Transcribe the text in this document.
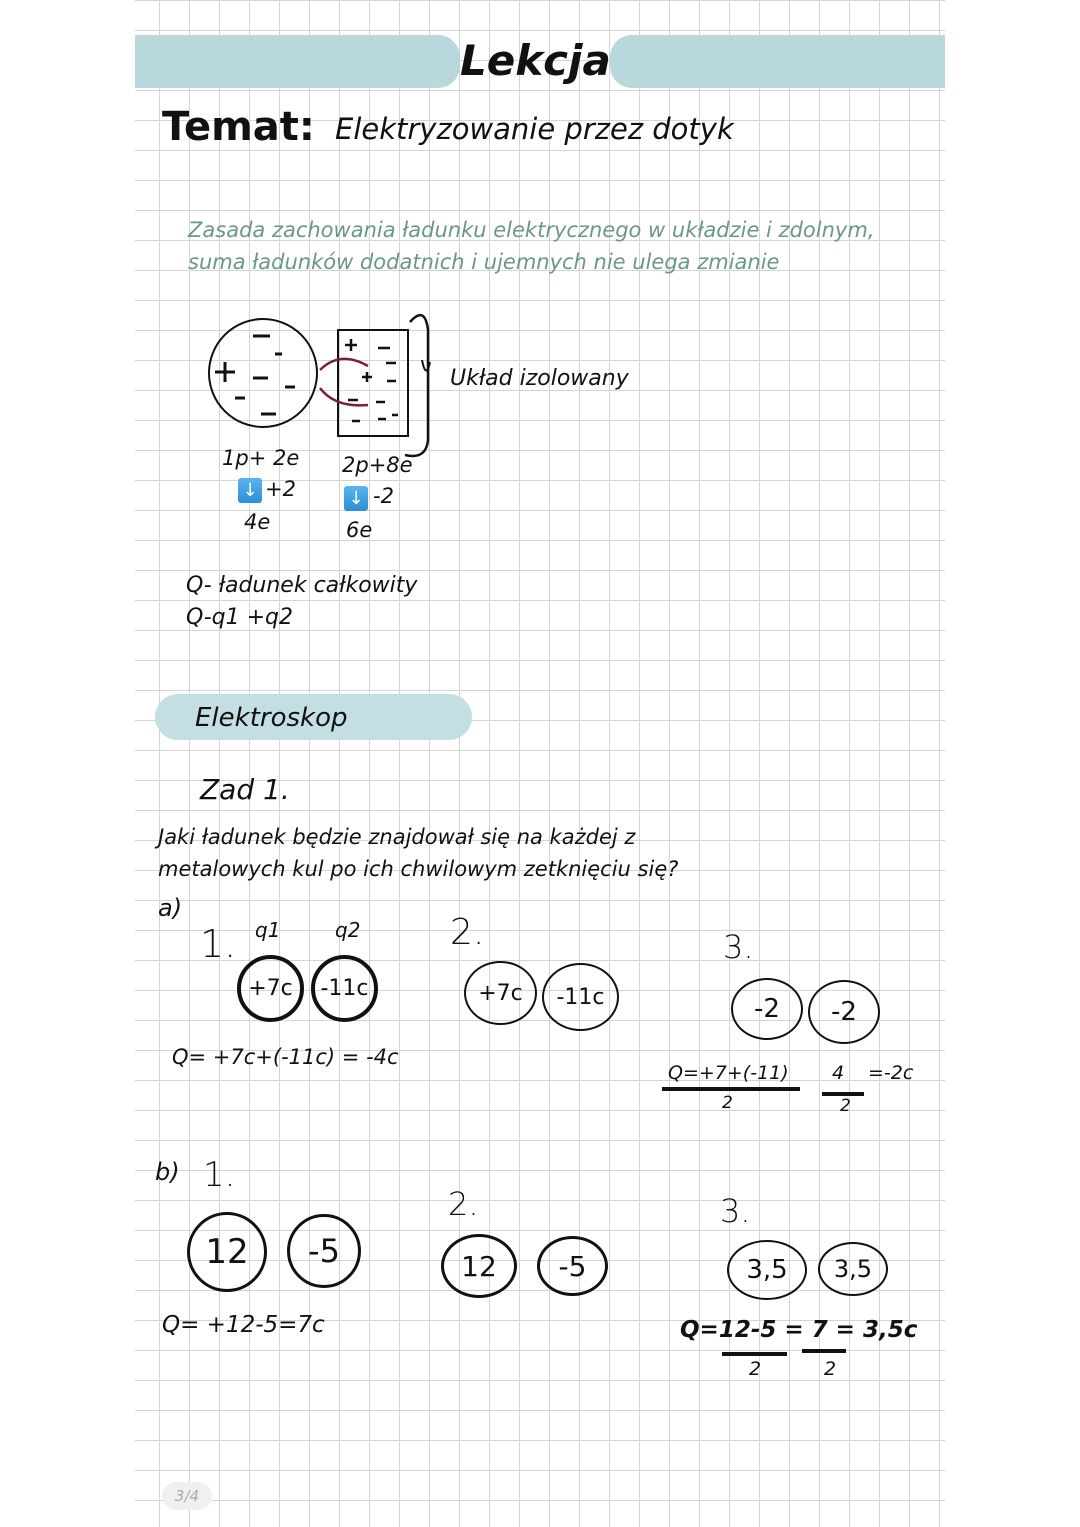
Lekcja
Temat: Elektryzowanie przez dotyk
Zasada zachowania ładunku elektrycznego w układzie i zdolnym,
suma ładunków dodatnich i ujemnych nie ulega zmianie
Układ izolowany
1p+ 2e
↓ +2
4e
2p+8e
↓ -2
6e
Q- ładunek całkowity
Q-q1 +q2
Elektroskop
Zad 1.
Jaki ładunek będzie znajdował się na każdej z
metalowych kul po ich chwilowym zetknięciu się?
a)
1. q1	q2
+7c	-11c
Q= +7c+(-11c) = -4c
2.
+7c	-11c
3.
-2	-2
Q=+7+(-11)
2
4
2
=-2c
b) 1.
12	-5
Q= +12-5=7c
2.
12	-5
3.
3,5	3,5
Q=12-5 = 7 = 3,5c
2	2
3/4
